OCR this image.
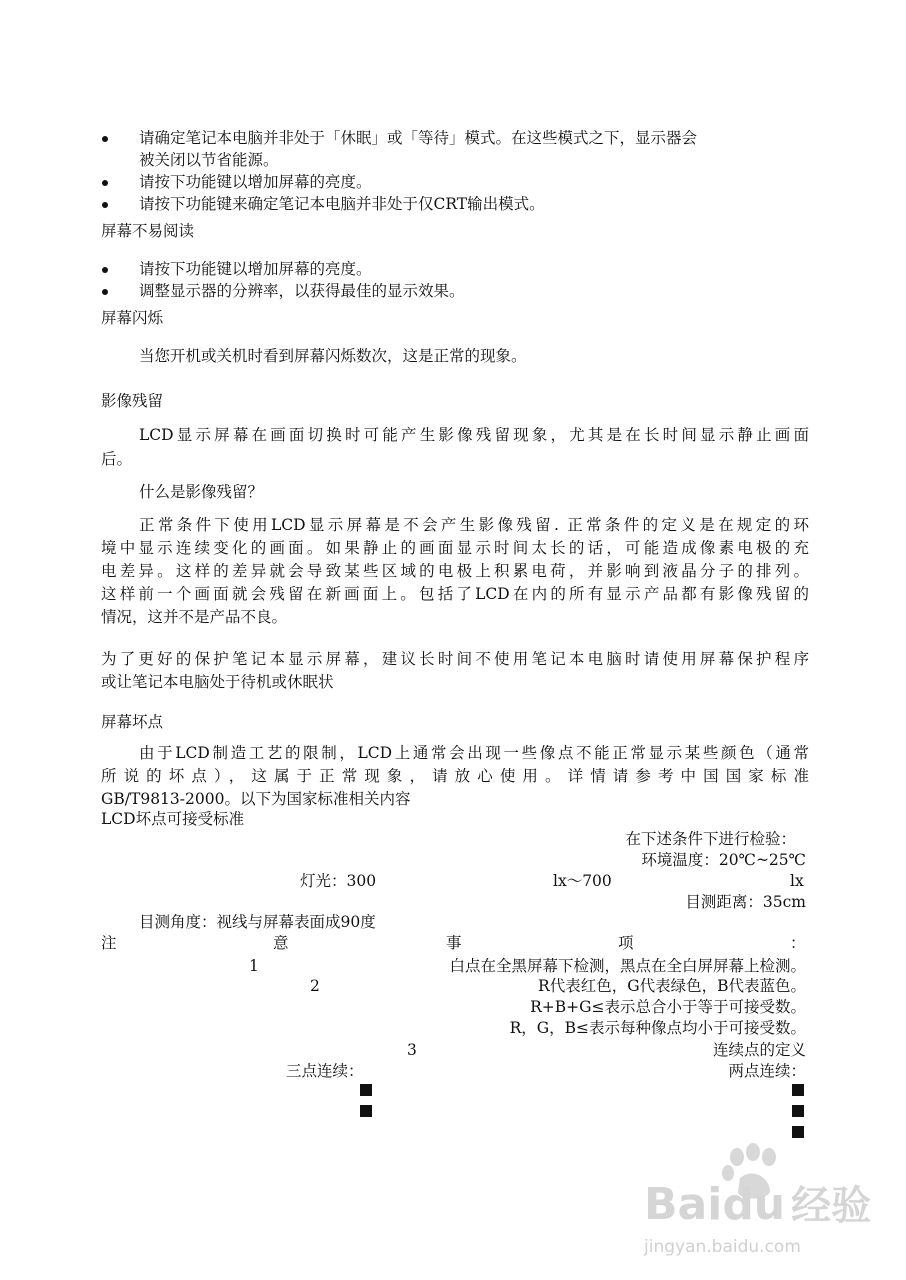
请确定笔记本电脑并非处于「休眠」或「等待」模式。在这些模式之下，显示器会
被关闭以节省能源。
请按下功能键以增加屏幕的亮度。
请按下功能键来确定笔记本电脑并非处于仅CRT输出模式。
屏幕不易阅读
请按下功能键以增加屏幕的亮度。
调整显示器的分辨率，以获得最佳的显示效果。
屏幕闪烁
当您开机或关机时看到屏幕闪烁数次，这是正常的现象。
影像残留
LCD显示屏幕在画面切换时可能产生影像残留现象，尤其是在长时间显示静止画面
后。
什么是影像残留？
正常条件下使用LCD显示屏幕是不会产生影像残留. 正常条件的定义是在规定的环
境中显示连续变化的画面。如果静止的画面显示时间太长的话，可能造成像素电极的充
电差异。这样的差异就会导致某些区域的电极上积累电荷，并影响到液晶分子的排列。
这样前一个画面就会残留在新画面上。包括了LCD在内的所有显示产品都有影像残留的
情况，这并不是产品不良。
为了更好的保护笔记本显示屏幕，建议长时间不使用笔记本电脑时请使用屏幕保护程序
或让笔记本电脑处于待机或休眠状
屏幕坏点
由于LCD制造工艺的限制，LCD上通常会出现一些像点不能正常显示某些颜色（通常
所说的坏点），这属于正常现象，请放心使用。详情请参考中国国家标准
GB/T9813-2000。以下为国家标准相关内容
LCD坏点可接受标准
在下述条件下进行检验：
环境温度：20℃~25℃
灯光：300	lx～700	lx
目测距离：35cm
目测角度：视线与屏幕表面成90度
注	意	事	项	：
1	白点在全黑屏幕下检测，黑点在全白屏屏幕上检测。
2	R代表红色，G代表绿色，B代表蓝色。
R+B+G≤表示总合小于等于可接受数。
R，G，B≤表示每种像点均小于可接受数。
3	连续点的定义
三点连续：	两点连续：
Baidu 经验
jingyan.baidu.com
